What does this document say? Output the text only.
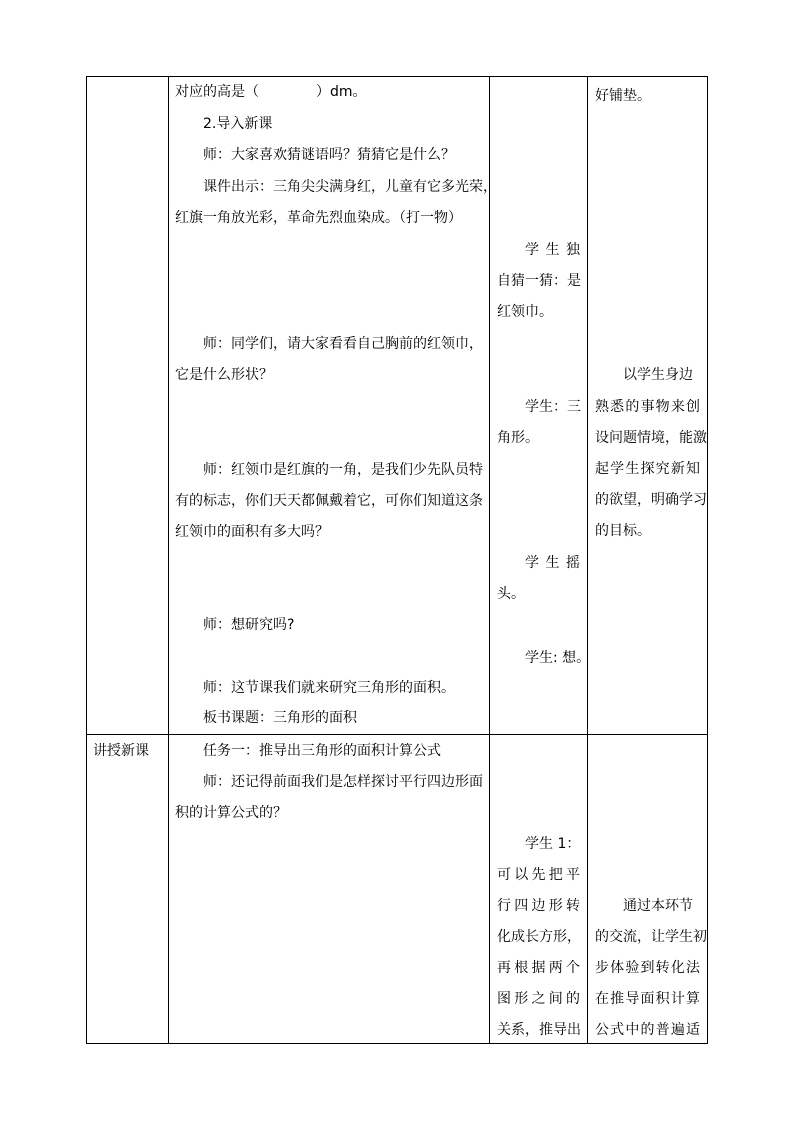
对应的高是（	）dm。
2.导入新课
师：大家喜欢猜谜语吗？猜猜它是什么？
课件出示：三角尖尖满身红，儿童有它多光荣，
红旗一角放光彩，革命先烈血染成。（打一物）
师：同学们，请大家看看自己胸前的红领巾，
它是什么形状？
师：红领巾是红旗的一角，是我们少先队员特
有的标志，你们天天都佩戴着它，可你们知道这条
红领巾的面积有多大吗？
师：想研究吗?
师：这节课我们就来研究三角形的面积。
板书课题：三角形的面积
学生独
自猜一猜：是
红领巾。
学生：三
角形。
学生摇
头。
学生: 想。
好铺垫。
以学生身边
熟悉的事物来创
设问题情境，能激
起学生探究新知
的欲望，明确学习
的目标。
讲授新课	任务一：推导出三角形的面积计算公式
师：还记得前面我们是怎样探讨平行四边形面
积的计算公式的？
学生 1：
可以先把平
行四边形转
化成长方形，
再根据两个
图形之间的
关系，推导出
通过本环节
的交流，让学生初
步体验到转化法
在推导面积计算
公式中的普遍适
